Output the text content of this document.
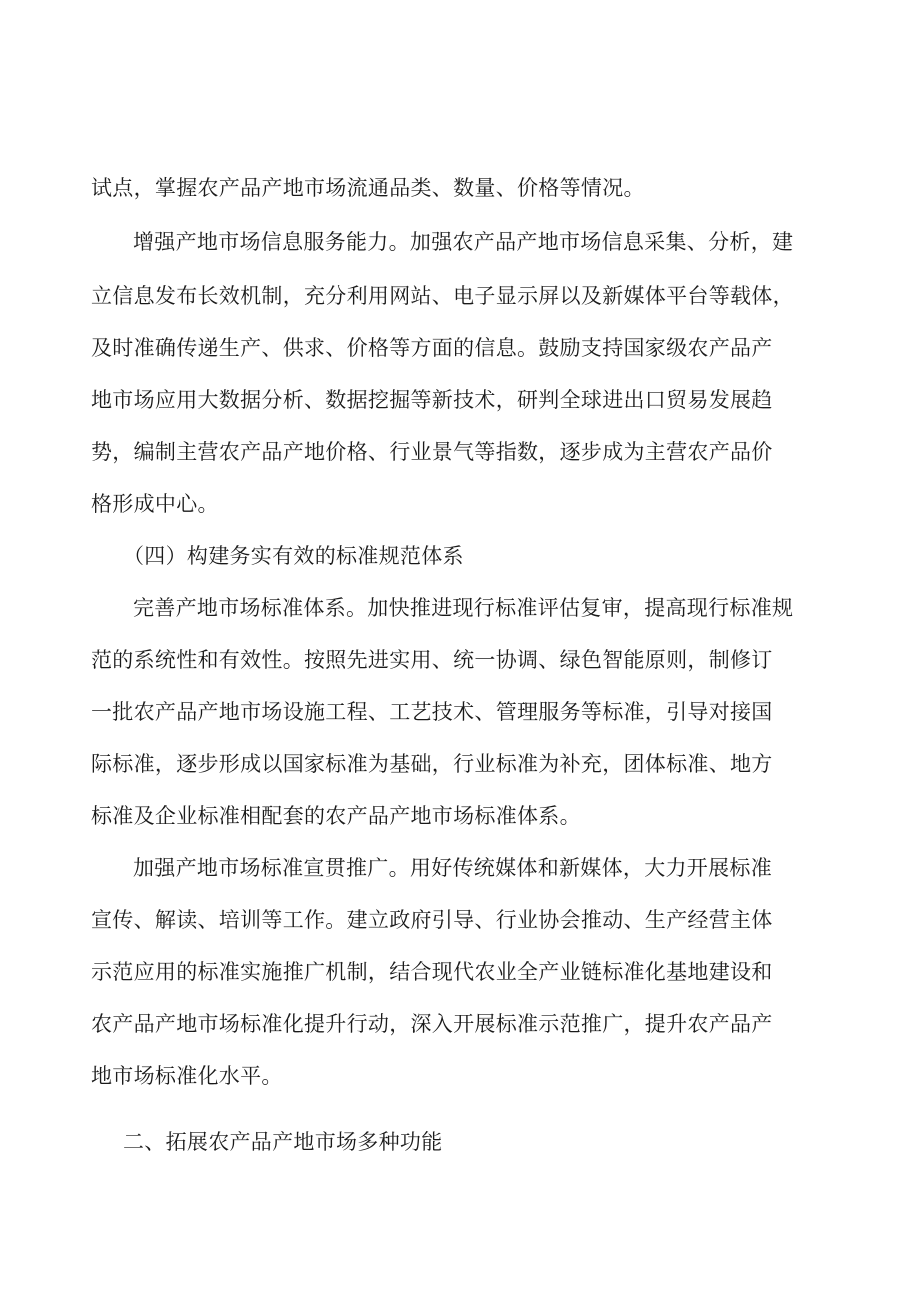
试点，掌握农产品产地市场流通品类、数量、价格等情况。

增强产地市场信息服务能力。加强农产品产地市场信息采集、分析，建

立信息发布长效机制，充分利用网站、电子显示屏以及新媒体平台等载体，

及时准确传递生产、供求、价格等方面的信息。鼓励支持国家级农产品产

地市场应用大数据分析、数据挖掘等新技术，研判全球进出口贸易发展趋

势，编制主营农产品产地价格、行业景气等指数，逐步成为主营农产品价

格形成中心。

（四）构建务实有效的标准规范体系

完善产地市场标准体系。加快推进现行标准评估复审，提高现行标准规

范的系统性和有效性。按照先进实用、统一协调、绿色智能原则，制修订

一批农产品产地市场设施工程、工艺技术、管理服务等标准，引导对接国

际标准，逐步形成以国家标准为基础，行业标准为补充，团体标准、地方

标准及企业标准相配套的农产品产地市场标准体系。

加强产地市场标准宣贯推广。用好传统媒体和新媒体，大力开展标准

宣传、解读、培训等工作。建立政府引导、行业协会推动、生产经营主体

示范应用的标准实施推广机制，结合现代农业全产业链标准化基地建设和

农产品产地市场标准化提升行动，深入开展标准示范推广，提升农产品产

地市场标准化水平。

二、拓展农产品产地市场多种功能
